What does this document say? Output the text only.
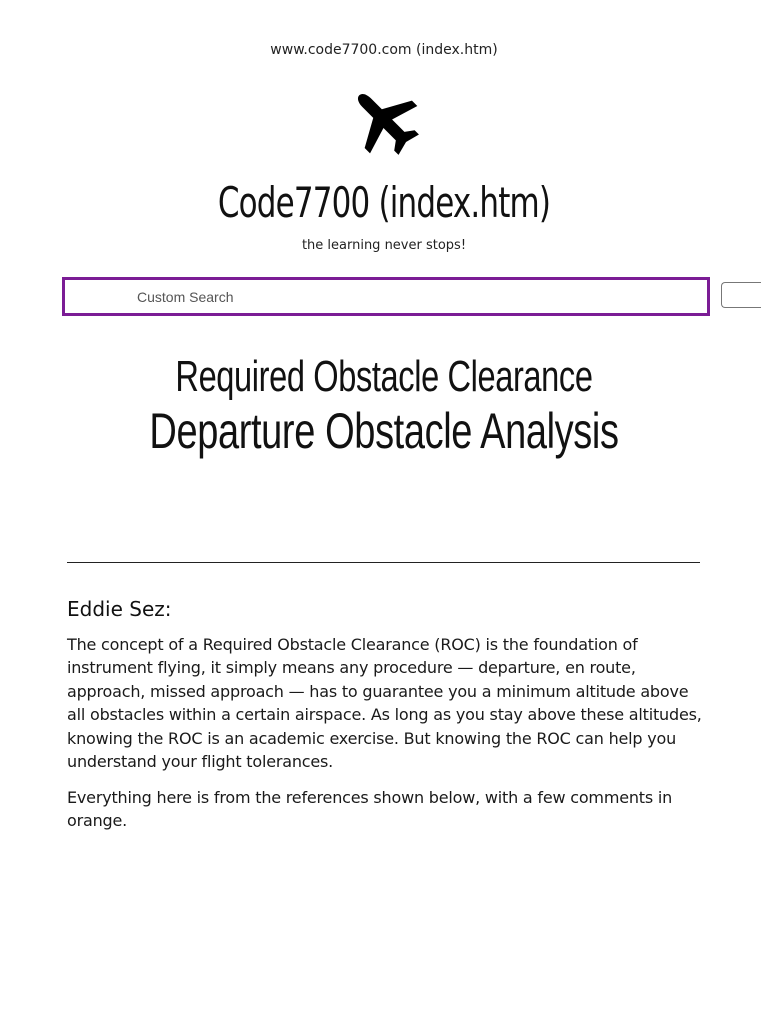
www.code7700.com (index.htm)
Code7700 (index.htm)
the learning never stops!
Custom Search
Required Obstacle Clearance
Departure Obstacle Analysis
Eddie Sez:

The concept of a Required Obstacle Clearance (ROC) is the foundation of instrument flying, it simply means any procedure — departure, en route, approach, missed approach — has to guarantee you a minimum altitude above all obstacles within a certain airspace. As long as you stay above these altitudes, knowing the ROC is an academic exercise. But knowing the ROC can help you understand your flight tolerances.

Everything here is from the references shown below, with a few comments in orange.
